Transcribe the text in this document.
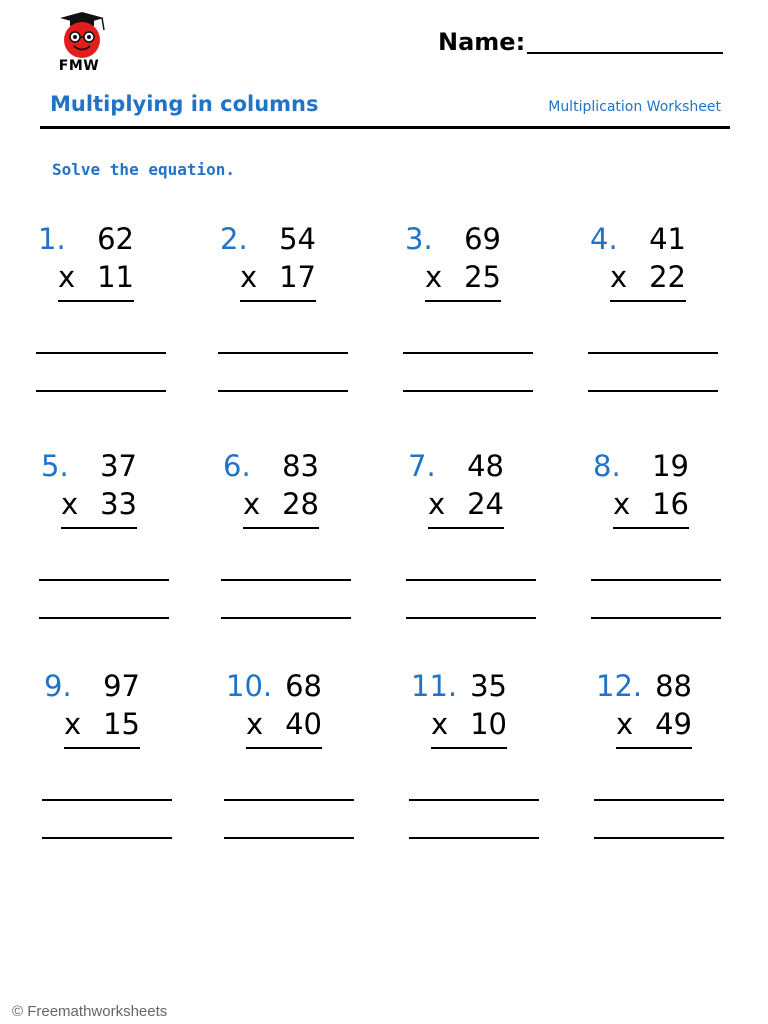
FMW
Name:
Multiplying in columns	Multiplication Worksheet
Solve the equation.
1.	62
x 11
2.	54
x 17
3.	69
x 25
4.	41
x 22
5.	37
x 33
6.	83
x 28
7.	48
x 24
8.	19
x 16
9.	97
x 15
10. 68
x 40
11. 35
x 10
12. 88
x 49
© Freemathworksheets
